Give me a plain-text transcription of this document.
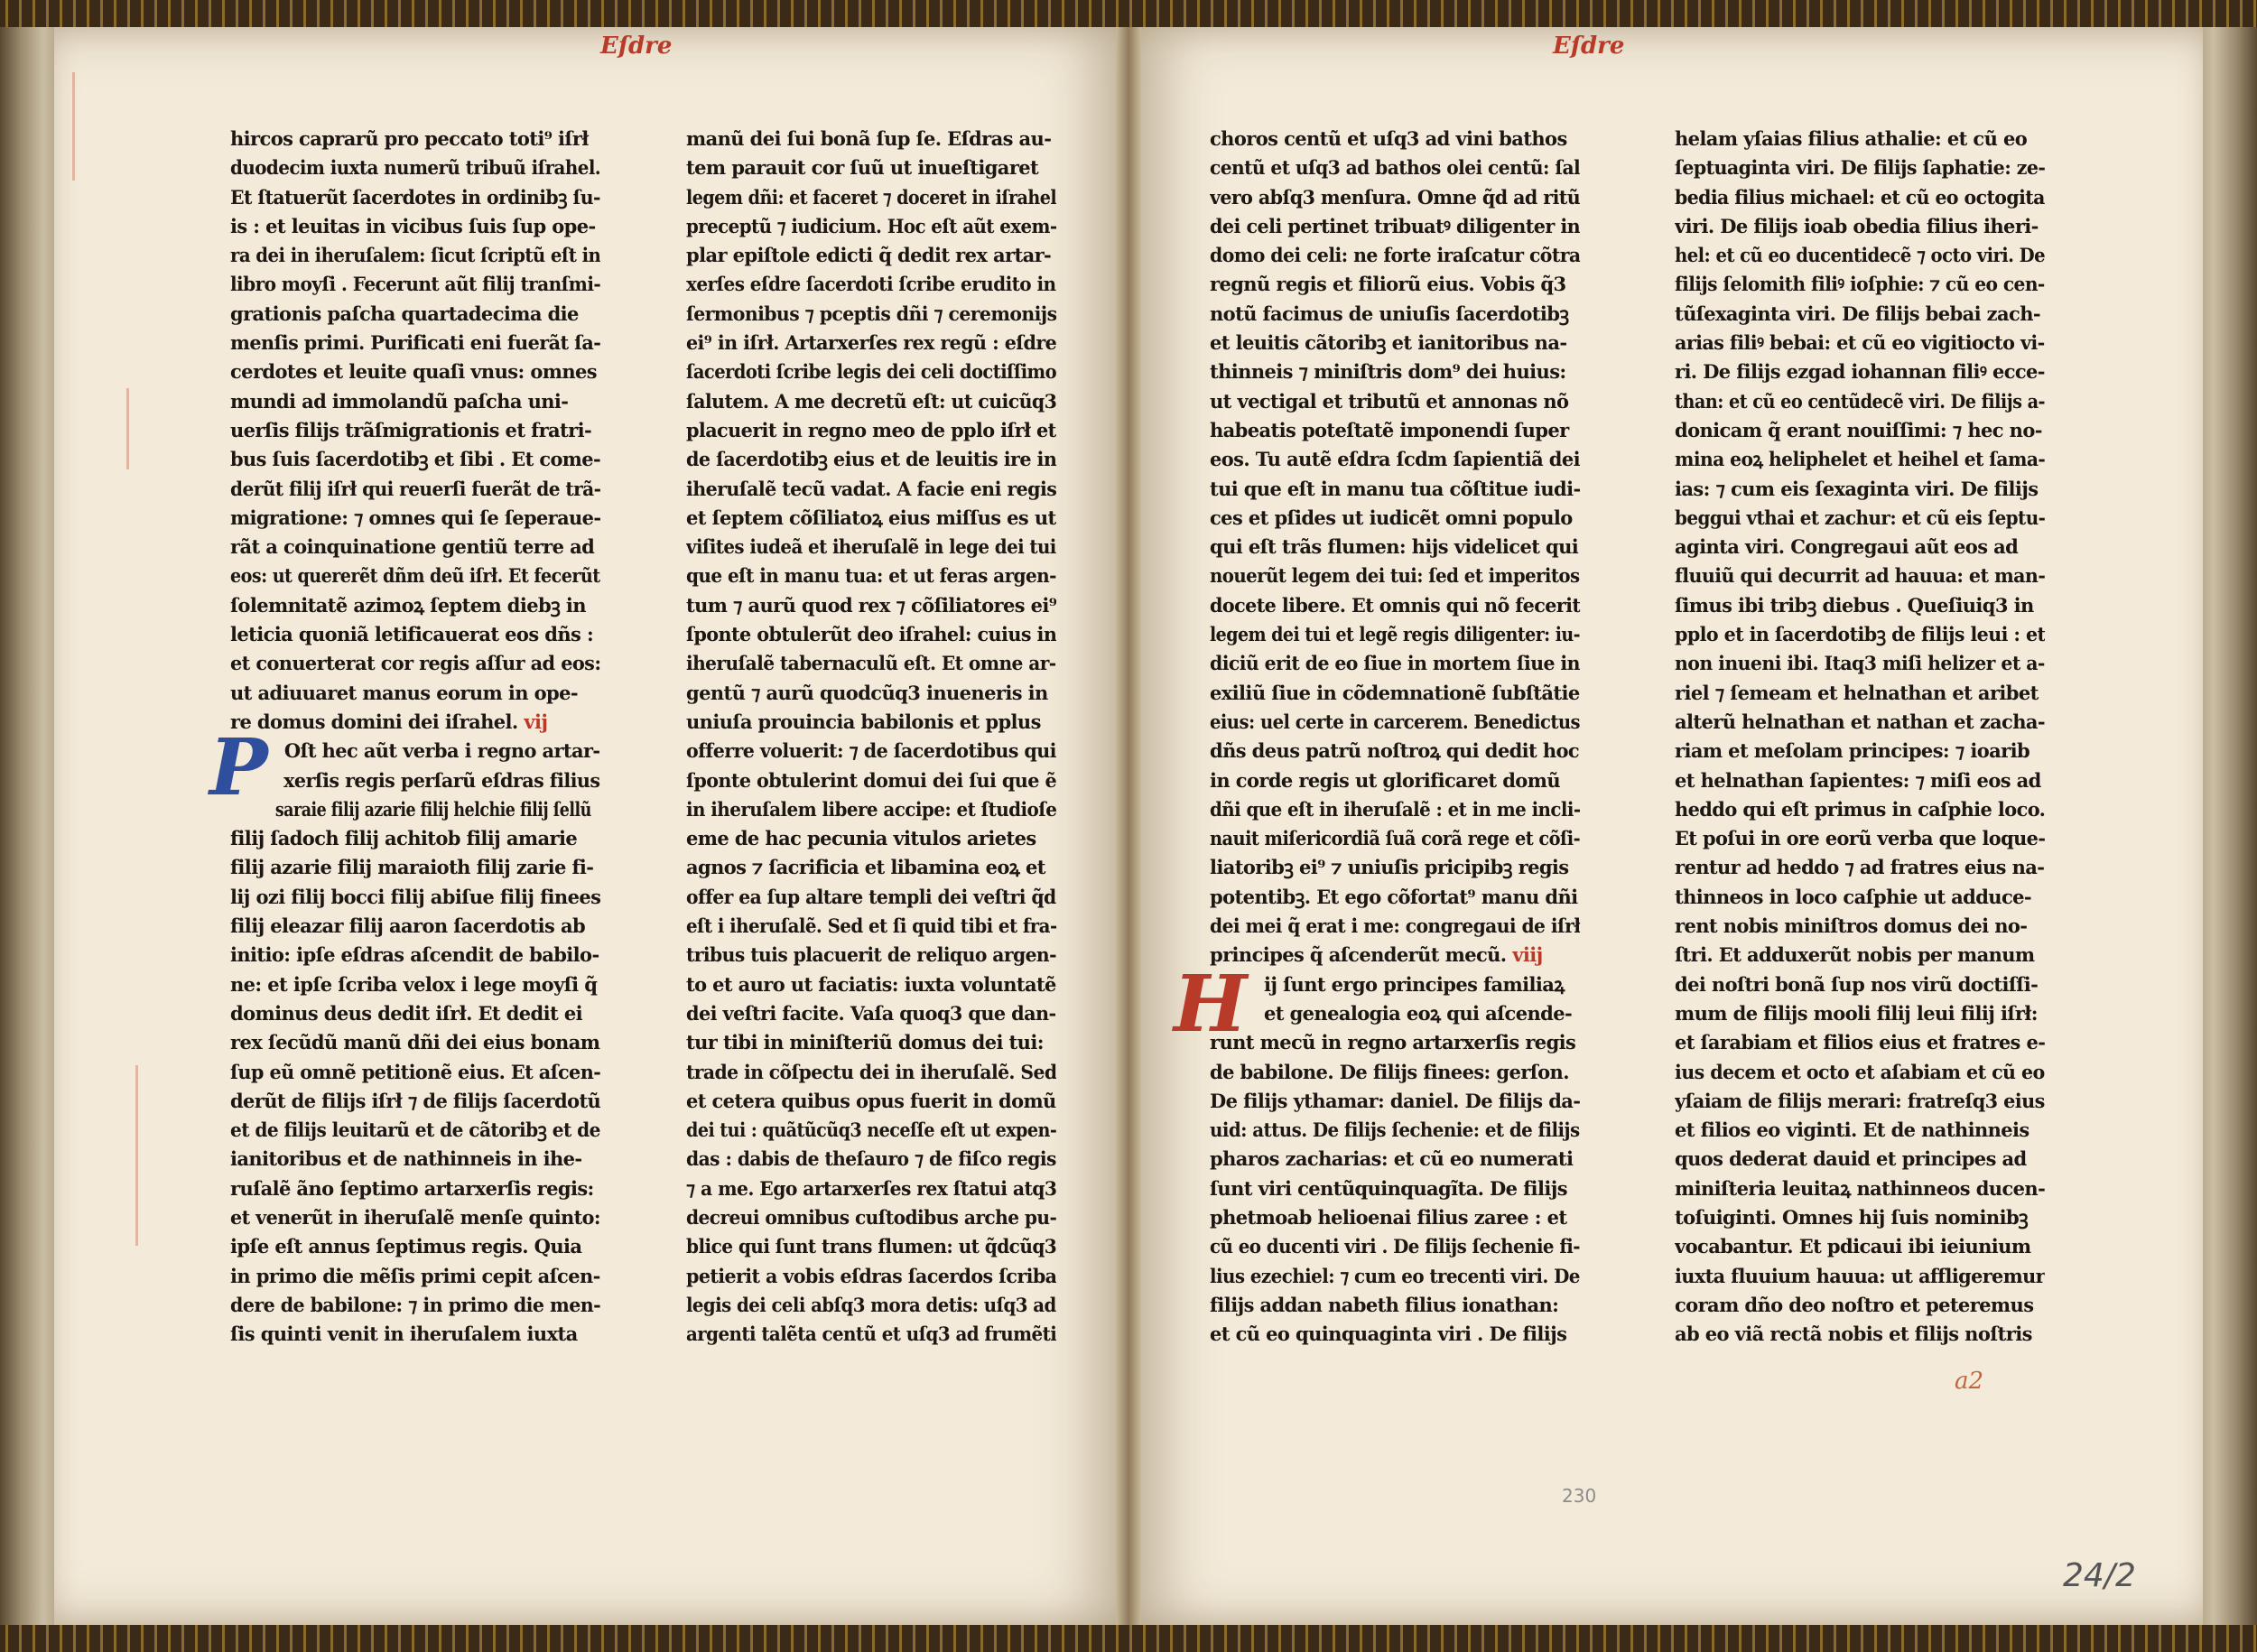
Eſdre	Eſdre
hircos caprarũ pro peccato toti⁹ iſrł
duodecim iuxta numerũ tribuũ iſrahel.
Et ſtatuerũt ſacerdotes in ordinibꝫ ſu-
is : et leuitas in vicibus ſuis ſup ope-
ra dei in iheruſalem: ſicut ſcriptũ eſt in
libro moyſi . Fecerunt aũt filij tranſmi-
grationis paſcha quartadecima die
menſis primi. Purificati eni fuerãt ſa-
cerdotes et leuite quaſi vnus: omnes
mundi ad immolandũ paſcha uni-
uerſis filijs trãſmigrationis et fratri-
bus ſuis ſacerdotibꝫ et ſibi . Et come-
derũt filij iſrł qui reuerſi fuerãt de trã-
migratione: ⁊ omnes qui ſe ſeperaue-
rãt a coinquinatione gentiũ terre ad
eos: ut quererẽt dñm deũ iſrł. Et fecerũt
ſolemnitatẽ azimoꝝ ſeptem diebꝫ in
leticia quoniã letificauerat eos dñs :
et conuerterat cor regis aſſur ad eos:
ut adiuuaret manus eorum in ope-
re domus domini dei iſrahel. vij
Oſt hec aũt verba i regno artar-
xerſis regis perſarũ eſdras filius
saraie filij azarie filij helchie filij ſellũ
filij ſadoch filij achitob filij amarie
filij azarie filij maraioth filij zarie fi-
lij ozi filij bocci filij abiſue filij finees
filij eleazar filij aaron ſacerdotis ab
initio: ipſe eſdras aſcendit de babilo-
ne: et ipſe ſcriba velox i lege moyſi q̃
dominus deus dedit iſrł. Et dedit ei
rex ſecũdũ manũ dñi dei eius bonam
ſup eũ omnẽ petitionẽ eius. Et aſcen-
derũt de filijs iſrł ⁊ de filijs ſacerdotũ
et de filijs leuitarũ et de cãtoribꝫ et de
ianitoribus et de nathinneis in ihe-
ruſalẽ ãno ſeptimo artarxerſis regis:
et venerũt in iheruſalẽ menſe quinto:
ipſe eſt annus ſeptimus regis. Quia
in primo die mẽſis primi cepit aſcen-
dere de babilone: ⁊ in primo die men-
ſis quinti venit in iheruſalem iuxta
manũ dei ſui bonã ſup ſe. Eſdras au-
tem parauit cor ſuũ ut inueſtigaret
legem dñi: et faceret ⁊ doceret in iſrahel
preceptũ ⁊ iudicium. Hoc eſt aũt exem-
plar epiſtole edicti q̃ dedit rex artar-
xerſes eſdre ſacerdoti ſcribe erudito in
ſermonibus ⁊ pceptis dñi ⁊ ceremonijs
ei⁹ in iſrł. Artarxerſes rex regũ : eſdre
ſacerdoti ſcribe legis dei celi doctiſſimo
ſalutem. A me decretũ eſt: ut cuicũq3
placuerit in regno meo de pplo iſrł et
de ſacerdotibꝫ eius et de leuitis ire in
iheruſalẽ tecũ vadat. A facie eni regis
et ſeptem cõſiliatoꝝ eius miſſus es ut
viſites iudeã et iheruſalẽ in lege dei tui
que eſt in manu tua: et ut feras argen-
tum ⁊ aurũ quod rex ⁊ cõſiliatores ei⁹
ſponte obtulerũt deo iſrahel: cuius in
iheruſalẽ tabernaculũ eſt. Et omne ar-
gentũ ⁊ aurũ quodcũq3 inueneris in
uniuſa prouincia babilonis et pplus
offerre voluerit: ⁊ de ſacerdotibus qui
ſponte obtulerint domui dei ſui que ẽ
in iheruſalem libere accipe: et ſtudioſe
eme de hac pecunia vitulos arietes
agnos ⁊ ſacrificia et libamina eoꝝ et
offer ea ſup altare templi dei veſtri q̃d
eſt i iheruſalẽ. Sed et ſi quid tibi et fra-
tribus tuis placuerit de reliquo argen-
to et auro ut faciatis: iuxta voluntatẽ
dei veſtri facite. Vaſa quoq3 que dan-
tur tibi in miniſteriũ domus dei tui:
trade in cõſpectu dei in iheruſalẽ. Sed
et cetera quibus opus fuerit in domũ
dei tui : quãtũcũq3 neceſſe eſt ut expen-
das : dabis de theſauro ⁊ de fiſco regis
⁊ a me. Ego artarxerſes rex ſtatui atq3
decreui omnibus cuſtodibus arche pu-
blice qui ſunt trans flumen: ut q̃dcũq3
petierit a vobis eſdras ſacerdos ſcriba
legis dei celi abſq3 mora detis: uſq3 ad
argenti talẽta centũ et uſq3 ad frumẽti
choros centũ et uſq3 ad vini bathos
centũ et uſq3 ad bathos olei centũ: ſal
vero abſq3 menſura. Omne q̃d ad ritũ
dei celi pertinet tribuatꝰ diligenter in
domo dei celi: ne forte iraſcatur cõtra
regnũ regis et filiorũ eius. Vobis q̃3
notũ facimus de uniuſis ſacerdotibꝫ
et leuitis cãtoribꝫ et ianitoribus na-
thinneis ⁊ miniſtris dom⁹ dei huius:
ut vectigal et tributũ et annonas nõ
habeatis poteſtatẽ imponendi ſuper
eos. Tu autẽ eſdra ſcdm ſapientiã dei
tui que eſt in manu tua cõſtitue iudi-
ces et pſides ut iudicẽt omni populo
qui eſt trãs flumen: hijs videlicet qui
nouerũt legem dei tui: ſed et imperitos
docete libere. Et omnis qui nõ fecerit
legem dei tui et legẽ regis diligenter: iu-
diciũ erit de eo ſiue in mortem ſiue in
exiliũ ſiue in cõdemnationẽ ſubſtãtie
eius: uel certe in carcerem. Benedictus
dñs deus patrũ noſtroꝝ qui dedit hoc
in corde regis ut glorificaret domũ
dñi que eſt in iheruſalẽ : et in me incli-
nauit miſericordiã ſuã corã rege et cõſi-
liatoribꝫ ei⁹ ⁊ uniuſis pricipibꝫ regis
potentibꝫ. Et ego cõfortat⁹ manu dñi
dei mei q̃ erat i me: congregaui de iſrł
principes q̃ aſcenderũt mecũ. viij
ij ſunt ergo principes familiaꝝ
et genealogia eoꝝ qui aſcende-
runt mecũ in regno artarxerſis regis
de babilone. De filijs finees: gerſon.
De filijs ythamar: daniel. De filijs da-
uid: attus. De filijs ſechenie: et de filijs
pharos zacharias: et cũ eo numerati
ſunt viri centũquinquagĩta. De filijs
phetmoab helioenai filius zaree : et
cũ eo ducenti viri . De filijs ſechenie fi-
lius ezechiel: ⁊ cum eo trecenti viri. De
filijs addan nabeth filius ionathan:
et cũ eo quinquaginta viri . De filijs
helam yſaias filius athalie: et cũ eo
ſeptuaginta viri. De filijs ſaphatie: ze-
bedia filius michael: et cũ eo octogita
viri. De filijs ioab obedia filius iheri-
hel: et cũ eo ducentidecẽ ⁊ octo viri. De
filijs ſelomith filiꝰ ioſphie: ⁊ cũ eo cen-
tũſexaginta viri. De filijs bebai zach-
arias filiꝰ bebai: et cũ eo vigitiocto vi-
ri. De filijs ezgad iohannan filiꝰ ecce-
than: et cũ eo centũdecẽ viri. De filijs a-
donicam q̃ erant nouiſſimi: ⁊ hec no-
mina eoꝝ heliphelet et heihel et ſama-
ias: ⁊ cum eis ſexaginta viri. De filijs
beggui vthai et zachur: et cũ eis ſeptu-
aginta viri. Congregaui aũt eos ad
fluuiũ qui decurrit ad hauua: et man-
ſimus ibi tribꝫ diebus . Queſiuiq3 in
pplo et in ſacerdotibꝫ de filijs leui : et
non inueni ibi. Itaq3 miſi helizer et a-
riel ⁊ ſemeam et helnathan et aribet
alterũ helnathan et nathan et zacha-
riam et meſolam principes: ⁊ ioarib
et helnathan ſapientes: ⁊ miſi eos ad
heddo qui eſt primus in caſphie loco.
Et poſui in ore eorũ verba que loque-
rentur ad heddo ⁊ ad fratres eius na-
thinneos in loco caſphie ut adduce-
rent nobis miniſtros domus dei no-
ſtri. Et adduxerũt nobis per manum
dei noſtri bonã ſup nos virũ doctiſſi-
mum de filijs mooli filij leui filij iſrł:
et ſarabiam et filios eius et fratres e-
ius decem et octo et aſabiam et cũ eo
yſaiam de filijs merari: fratreſq3 eius
et filios eo viginti. Et de nathinneis
quos dederat dauid et principes ad
miniſteria leuitaꝝ nathinneos ducen-
toſuiginti. Omnes hij ſuis nominibꝫ
vocabantur. Et pdicaui ibi ieiunium
iuxta fluuium hauua: ut affligeremur
coram dño deo noſtro et peteremus
ab eo viã rectã nobis et filijs noſtris
P
H
a2
230
24/2
